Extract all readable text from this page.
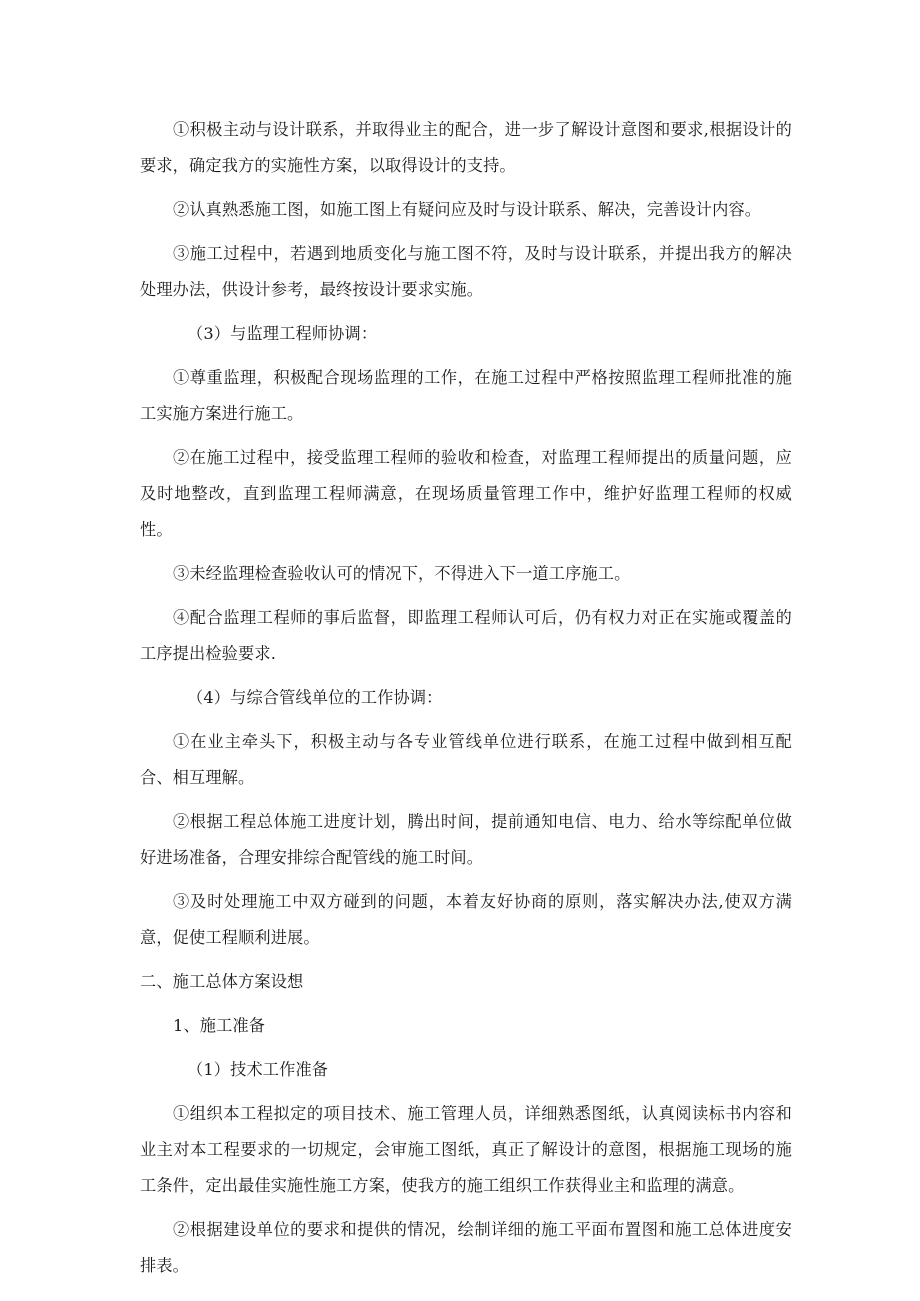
①积极主动与设计联系，并取得业主的配合，进一步了解设计意图和要求,根据设计的要求，确定我方的实施性方案，以取得设计的支持。

②认真熟悉施工图，如施工图上有疑问应及时与设计联系、解决，完善设计内容。

③施工过程中，若遇到地质变化与施工图不符，及时与设计联系，并提出我方的解决处理办法，供设计参考，最终按设计要求实施。

（3）与监理工程师协调：

①尊重监理，积极配合现场监理的工作，在施工过程中严格按照监理工程师批准的施工实施方案进行施工。

②在施工过程中，接受监理工程师的验收和检查，对监理工程师提出的质量问题，应及时地整改，直到监理工程师满意，在现场质量管理工作中，维护好监理工程师的权威性。

③未经监理检查验收认可的情况下，不得进入下一道工序施工。

④配合监理工程师的事后监督，即监理工程师认可后，仍有权力对正在实施或覆盖的工序提出检验要求.

（4）与综合管线单位的工作协调：

①在业主牵头下，积极主动与各专业管线单位进行联系，在施工过程中做到相互配合、相互理解。

②根据工程总体施工进度计划，腾出时间，提前通知电信、电力、给水等综配单位做好进场准备，合理安排综合配管线的施工时间。

③及时处理施工中双方碰到的问题，本着友好协商的原则，落实解决办法,使双方满意，促使工程顺利进展。

二、施工总体方案设想

1、施工准备

（1）技术工作准备

①组织本工程拟定的项目技术、施工管理人员，详细熟悉图纸，认真阅读标书内容和业主对本工程要求的一切规定，会审施工图纸，真正了解设计的意图，根据施工现场的施工条件，定出最佳实施性施工方案，使我方的施工组织工作获得业主和监理的满意。

②根据建设单位的要求和提供的情况，绘制详细的施工平面布置图和施工总体进度安排表。
